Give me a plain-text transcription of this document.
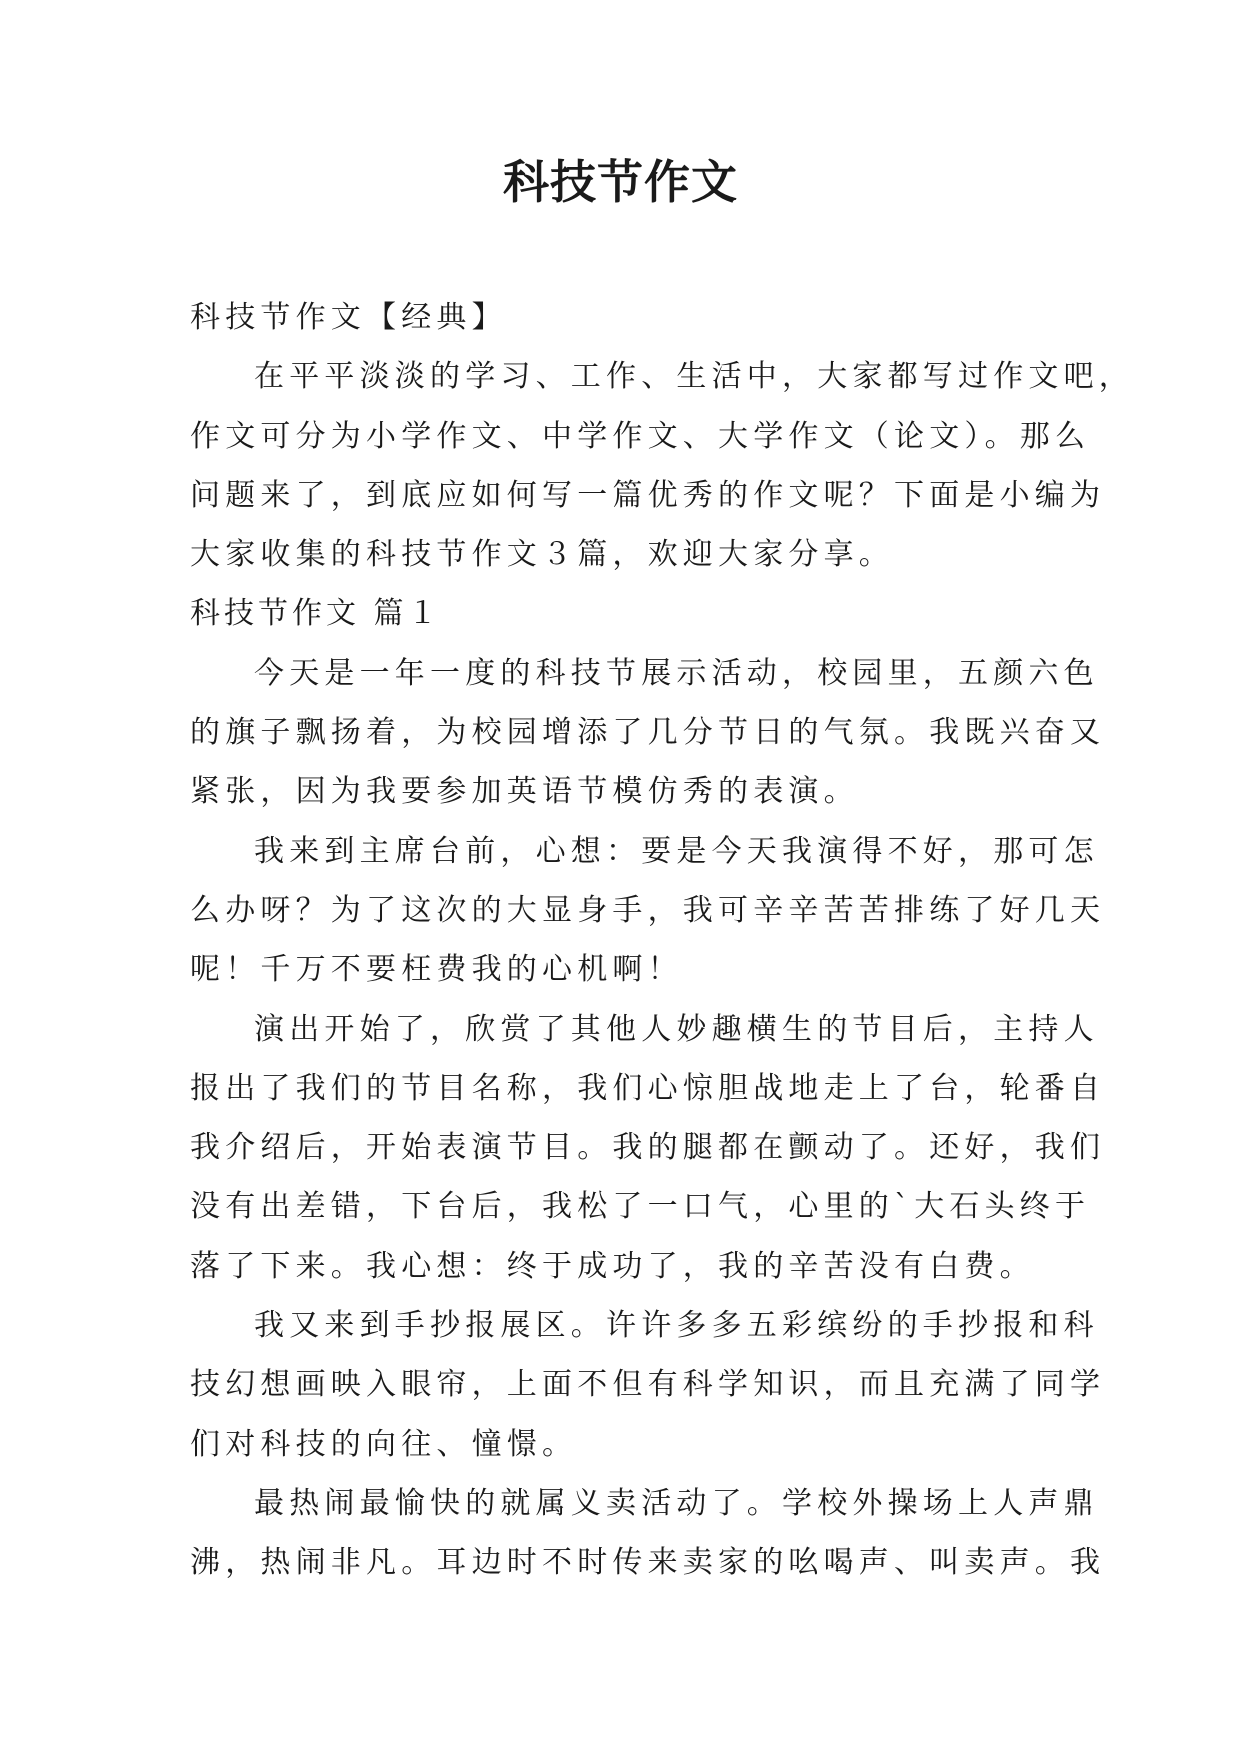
科技节作文
科技节作文【经典】
在平平淡淡的学习、工作、生活中，大家都写过作文吧，
作文可分为小学作文、中学作文、大学作文（论文）。那么
问题来了，到底应如何写一篇优秀的作文呢？下面是小编为
大家收集的科技节作文３篇，欢迎大家分享。
科技节作文 篇１
今天是一年一度的科技节展示活动，校园里，五颜六色
的旗子飘扬着，为校园增添了几分节日的气氛。我既兴奋又
紧张，因为我要参加英语节模仿秀的表演。
我来到主席台前，心想：要是今天我演得不好，那可怎
么办呀？为了这次的大显身手，我可辛辛苦苦排练了好几天
呢！千万不要枉费我的心机啊！
演出开始了，欣赏了其他人妙趣横生的节目后，主持人
报出了我们的节目名称，我们心惊胆战地走上了台，轮番自
我介绍后，开始表演节目。我的腿都在颤动了。还好，我们
没有出差错，下台后，我松了一口气，心里的`大石头终于
落了下来。我心想：终于成功了，我的辛苦没有白费。
我又来到手抄报展区。许许多多五彩缤纷的手抄报和科
技幻想画映入眼帘，上面不但有科学知识，而且充满了同学
们对科技的向往、憧憬。
最热闹最愉快的就属义卖活动了。学校外操场上人声鼎
沸，热闹非凡。耳边时不时传来卖家的吆喝声、叫卖声。我
